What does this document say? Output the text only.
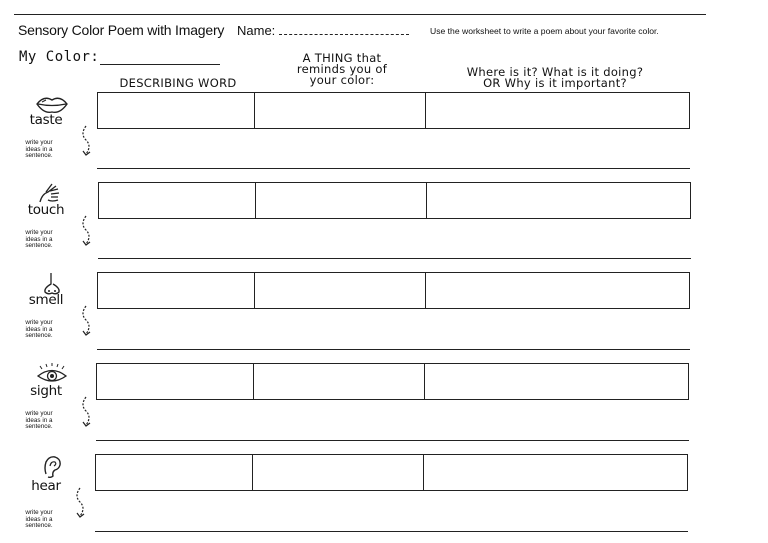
Sensory Color Poem with Imagery Name:	Use the worksheet to write a poem about your favorite color.
My Color:
DESCRIBING WORD
A THING that
reminds you of
your color:
Where is it? What is it doing?
OR Why is it important?
taste
write your
ideas in a
sentence.
touch
write your
ideas in a
sentence.
smell
write your
ideas in a
sentence.
sight
write your
ideas in a
sentence.
hear
write your
ideas in a
sentence.
